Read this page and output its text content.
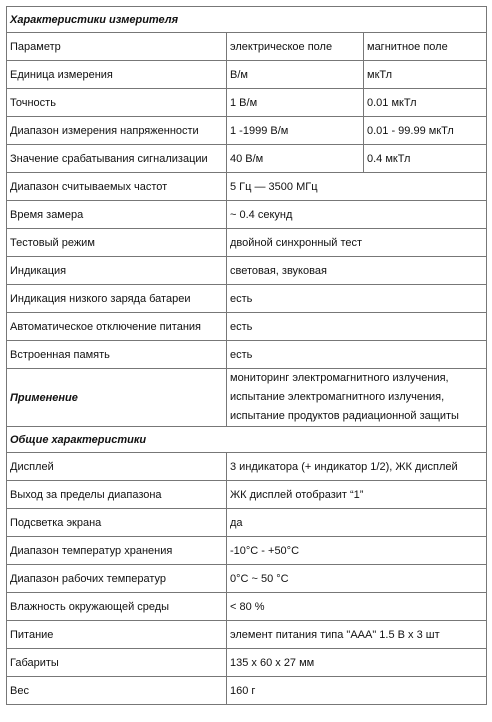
Характеристики измерителя		
Параметр	электрическое поле	магнитное поле
Единица измерения	В/м	мкТл
Точность	1 В/м	0.01 мкТл
Диапазон измерения напряженности	1 -1999 В/м	0.01 - 99.99 мкТл
Значение срабатывания сигнализации	40 В/м	0.4 мкТл
Диапазон считываемых частот	5 Гц — 3500 МГц	
Время замера	~ 0.4 секунд	
Тестовый режим	двойной синхронный тест	
Индикация	световая, звуковая	
Индикация низкого заряда батареи	есть	
Автоматическое отключение питания	есть	
Встроенная память	есть	
Применение	мониторинг электромагнитного излучения,
испытание электромагнитного излучения,
испытание продуктов радиационной защиты	

Общие характеристики		
Дисплей	3 индикатора (+ индикатор 1/2), ЖК дисплей	
Выход за пределы диапазона	ЖК дисплей отобразит “1”	
Подсветка экрана	да	
Диапазон температур хранения	-10°C - +50°C	
Диапазон рабочих температур	0°C ~ 50 °C	
Влажность окружающей среды	< 80 %	
Питание	элемент питания типа "ААА" 1.5 В х 3 шт	
Габариты	135 х 60 х 27 мм	
Вес	160 г	
